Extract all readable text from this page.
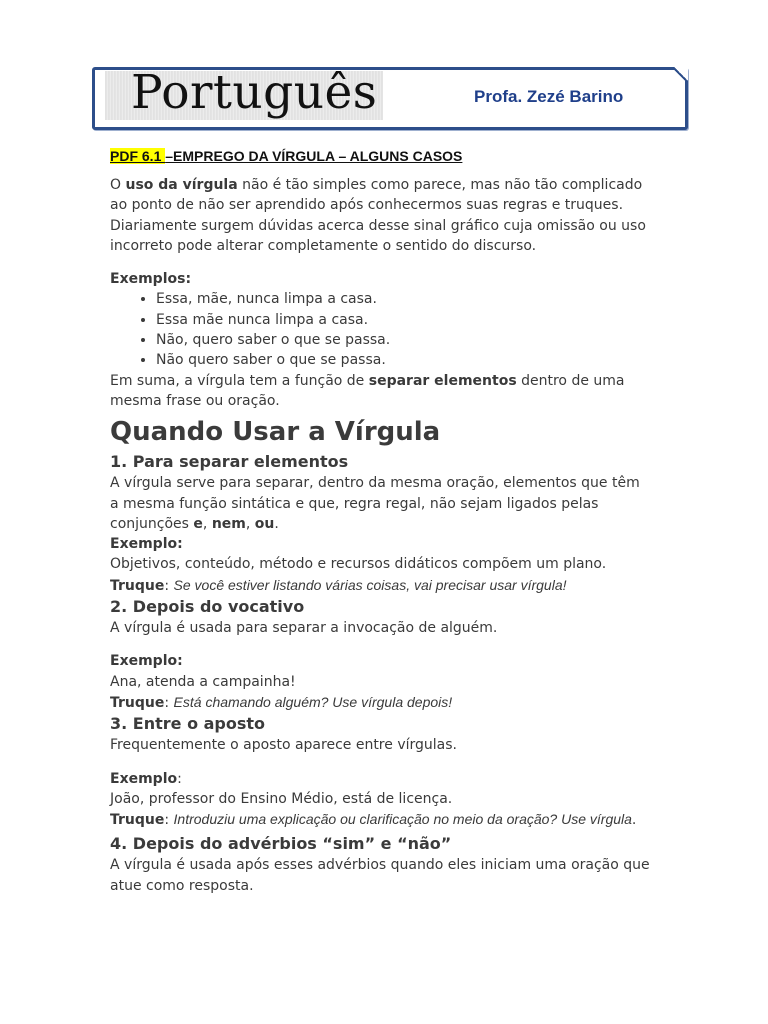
Português	Profa. Zezé Barino
PDF 6.1 –EMPREGO DA VÍRGULA – ALGUNS CASOS

O uso da vírgula não é tão simples como parece, mas não tão complicado ao ponto de não ser aprendido após conhecermos suas regras e truques. Diariamente surgem dúvidas acerca desse sinal gráfico cuja omissão ou uso incorreto pode alterar completamente o sentido do discurso.

Exemplos:

• Essa, mãe, nunca limpa a casa.
• Essa mãe nunca limpa a casa.
• Não, quero saber o que se passa.
• Não quero saber o que se passa.

Em suma, a vírgula tem a função de separar elementos dentro de uma mesma frase ou oração.

Quando Usar a Vírgula
1. Para separar elementos

A vírgula serve para separar, dentro da mesma oração, elementos que têm a mesma função sintática e que, regra regal, não sejam ligados pelas conjunções e, nem, ou.

Exemplo:

Objetivos, conteúdo, método e recursos didáticos compõem um plano.

Truque: Se você estiver listando várias coisas, vai precisar usar vírgula!

2. Depois do vocativo

A vírgula é usada para separar a invocação de alguém.

Exemplo:

Ana, atenda a campainha!

Truque: Está chamando alguém? Use vírgula depois!

3. Entre o aposto

Frequentemente o aposto aparece entre vírgulas.

Exemplo:

João, professor do Ensino Médio, está de licença.

Truque: Introduziu uma explicação ou clarificação no meio da oração? Use vírgula.

4. Depois do advérbios “sim” e “não”

A vírgula é usada após esses advérbios quando eles iniciam uma oração que atue como resposta.
